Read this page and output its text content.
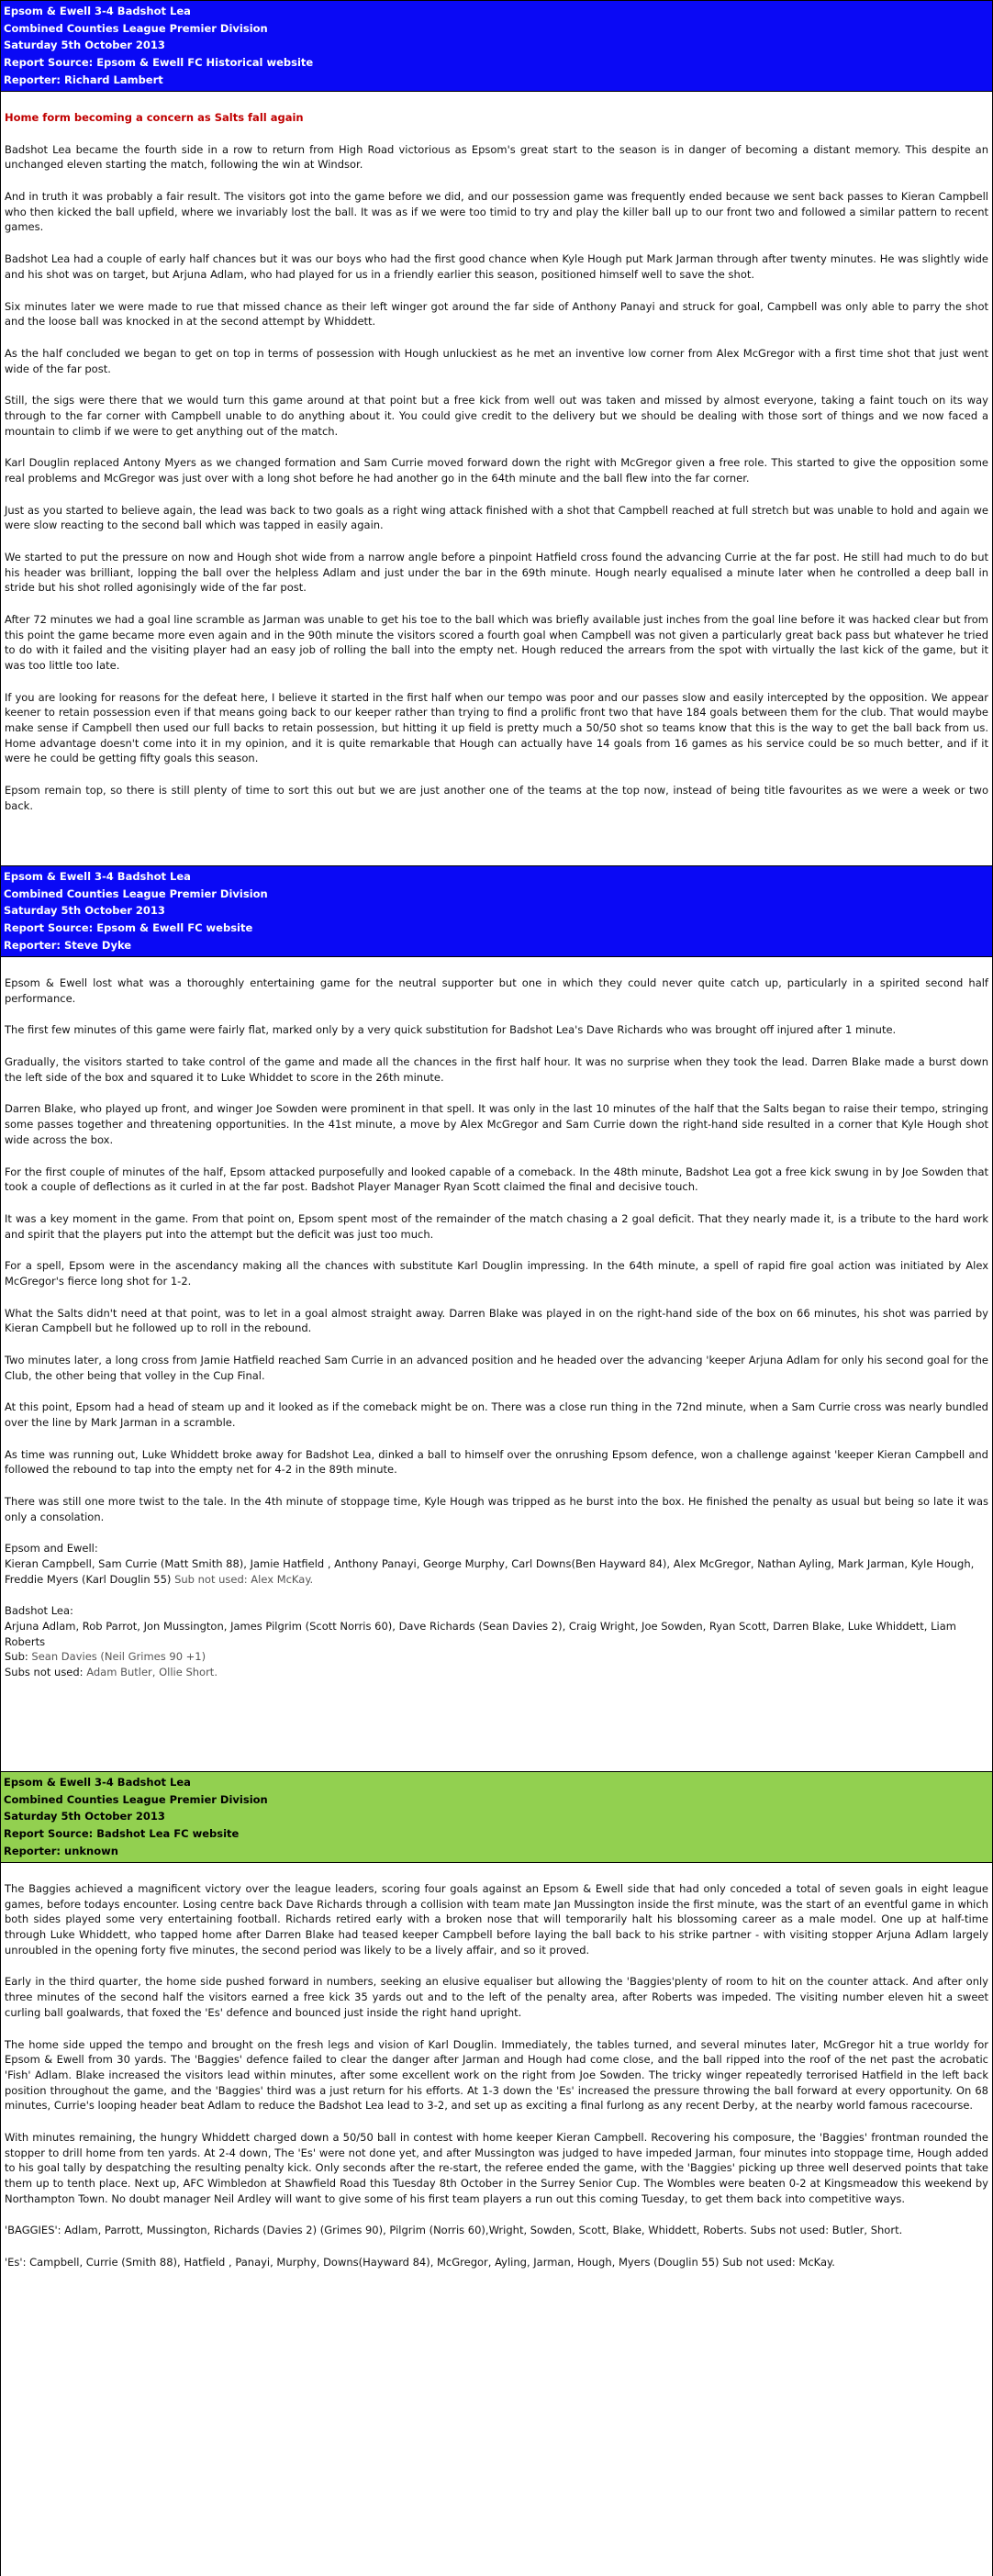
Epsom & Ewell 3-4 Badshot Lea
Combined Counties League Premier Division
Saturday 5th October 2013
Report Source: Epsom & Ewell FC Historical website
Reporter: Richard Lambert

Home form becoming a concern as Salts fall again

Badshot Lea became the fourth side in a row to return from High Road victorious as Epsom's great start to the season is in danger of becoming a distant memory. This despite an unchanged eleven starting the match, following the win at Windsor.

And in truth it was probably a fair result. The visitors got into the game before we did, and our possession game was frequently ended because we sent back passes to Kieran Campbell who then kicked the ball upfield, where we invariably lost the ball. It was as if we were too timid to try and play the killer ball up to our front two and followed a similar pattern to recent games.

Badshot Lea had a couple of early half chances but it was our boys who had the first good chance when Kyle Hough put Mark Jarman through after twenty minutes. He was slightly wide and his shot was on target, but Arjuna Adlam, who had played for us in a friendly earlier this season, positioned himself well to save the shot.

Six minutes later we were made to rue that missed chance as their left winger got around the far side of Anthony Panayi and struck for goal, Campbell was only able to parry the shot and the loose ball was knocked in at the second attempt by Whiddett.

As the half concluded we began to get on top in terms of possession with Hough unluckiest as he met an inventive low corner from Alex McGregor with a first time shot that just went wide of the far post.

Still, the sigs were there that we would turn this game around at that point but a free kick from well out was taken and missed by almost everyone, taking a faint touch on its way through to the far corner with Campbell unable to do anything about it. You could give credit to the delivery but we should be dealing with those sort of things and we now faced a mountain to climb if we were to get anything out of the match.

Karl Douglin replaced Antony Myers as we changed formation and Sam Currie moved forward down the right with McGregor given a free role. This started to give the opposition some real problems and McGregor was just over with a long shot before he had another go in the 64th minute and the ball flew into the far corner.

Just as you started to believe again, the lead was back to two goals as a right wing attack finished with a shot that Campbell reached at full stretch but was unable to hold and again we were slow reacting to the second ball which was tapped in easily again.

We started to put the pressure on now and Hough shot wide from a narrow angle before a pinpoint Hatfield cross found the advancing Currie at the far post. He still had much to do but his header was brilliant, lopping the ball over the helpless Adlam and just under the bar in the 69th minute. Hough nearly equalised a minute later when he controlled a deep ball in stride but his shot rolled agonisingly wide of the far post.

After 72 minutes we had a goal line scramble as Jarman was unable to get his toe to the ball which was briefly available just inches from the goal line before it was hacked clear but from this point the game became more even again and in the 90th minute the visitors scored a fourth goal when Campbell was not given a particularly great back pass but whatever he tried to do with it failed and the visiting player had an easy job of rolling the ball into the empty net. Hough reduced the arrears from the spot with virtually the last kick of the game, but it was too little too late.

If you are looking for reasons for the defeat here, I believe it started in the first half when our tempo was poor and our passes slow and easily intercepted by the opposition. We appear keener to retain possession even if that means going back to our keeper rather than trying to find a prolific front two that have 184 goals between them for the club. That would maybe make sense if Campbell then used our full backs to retain possession, but hitting it up field is pretty much a 50/50 shot so teams know that this is the way to get the ball back from us. Home advantage doesn't come into it in my opinion, and it is quite remarkable that Hough can actually have 14 goals from 16 games as his service could be so much better, and if it were he could be getting fifty goals this season.

Epsom remain top, so there is still plenty of time to sort this out but we are just another one of the teams at the top now, instead of being title favourites as we were a week or two back.

Epsom & Ewell 3-4 Badshot Lea
Combined Counties League Premier Division
Saturday 5th October 2013
Report Source: Epsom & Ewell FC website
Reporter: Steve Dyke

Epsom & Ewell lost what was a thoroughly entertaining game for the neutral supporter but one in which they could never quite catch up, particularly in a spirited second half performance.

The first few minutes of this game were fairly flat, marked only by a very quick substitution for Badshot Lea's Dave Richards who was brought off injured after 1 minute.

Gradually, the visitors started to take control of the game and made all the chances in the first half hour. It was no surprise when they took the lead. Darren Blake made a burst down the left side of the box and squared it to Luke Whiddet to score in the 26th minute.

Darren Blake, who played up front, and winger Joe Sowden were prominent in that spell. It was only in the last 10 minutes of the half that the Salts began to raise their tempo, stringing some passes together and threatening opportunities. In the 41st minute, a move by Alex McGregor and Sam Currie down the right-hand side resulted in a corner that Kyle Hough shot wide across the box.

For the first couple of minutes of the half, Epsom attacked purposefully and looked capable of a comeback. In the 48th minute, Badshot Lea got a free kick swung in by Joe Sowden that took a couple of deflections as it curled in at the far post. Badshot Player Manager Ryan Scott claimed the final and decisive touch.

It was a key moment in the game. From that point on, Epsom spent most of the remainder of the match chasing a 2 goal deficit. That they nearly made it, is a tribute to the hard work and spirit that the players put into the attempt but the deficit was just too much.

For a spell, Epsom were in the ascendancy making all the chances with substitute Karl Douglin impressing. In the 64th minute, a spell of rapid fire goal action was initiated by Alex McGregor's fierce long shot for 1-2.

What the Salts didn't need at that point, was to let in a goal almost straight away. Darren Blake was played in on the right-hand side of the box on 66 minutes, his shot was parried by Kieran Campbell but he followed up to roll in the rebound.

Two minutes later, a long cross from Jamie Hatfield reached Sam Currie in an advanced position and he headed over the advancing 'keeper Arjuna Adlam for only his second goal for the Club, the other being that volley in the Cup Final.

At this point, Epsom had a head of steam up and it looked as if the comeback might be on. There was a close run thing in the 72nd minute, when a Sam Currie cross was nearly bundled over the line by Mark Jarman in a scramble.

As time was running out, Luke Whiddett broke away for Badshot Lea, dinked a ball to himself over the onrushing Epsom defence, won a challenge against 'keeper Kieran Campbell and followed the rebound to tap into the empty net for 4-2 in the 89th minute.

There was still one more twist to the tale. In the 4th minute of stoppage time, Kyle Hough was tripped as he burst into the box. He finished the penalty as usual but being so late it was only a consolation.

Epsom and Ewell:
Kieran Campbell, Sam Currie (Matt Smith 88), Jamie Hatfield , Anthony Panayi, George Murphy, Carl Downs(Ben Hayward 84), Alex McGregor, Nathan Ayling, Mark Jarman, Kyle Hough, Freddie Myers (Karl Douglin 55) Sub not used: Alex McKay.
Badshot Lea:
Arjuna Adlam, Rob Parrot, Jon Mussington, James Pilgrim (Scott Norris 60), Dave Richards (Sean Davies 2), Craig Wright, Joe Sowden, Ryan Scott, Darren Blake, Luke Whiddett, Liam Roberts
Sub: Sean Davies (Neil Grimes 90 +1)
Subs not used: Adam Butler, Ollie Short.
Epsom & Ewell 3-4 Badshot Lea
Combined Counties League Premier Division
Saturday 5th October 2013
Report Source: Badshot Lea FC website
Reporter: unknown

The Baggies achieved a magnificent victory over the league leaders, scoring four goals against an Epsom & Ewell side that had only conceded a total of seven goals in eight league games, before todays encounter. Losing centre back Dave Richards through a collision with team mate Jan Mussington inside the first minute, was the start of an eventful game in which both sides played some very entertaining football. Richards retired early with a broken nose that will temporarily halt his blossoming career as a male model. One up at half-time through Luke Whiddett, who tapped home after Darren Blake had teased keeper Campbell before laying the ball back to his strike partner - with visiting stopper Arjuna Adlam largely unroubled in the opening forty five minutes, the second period was likely to be a lively affair, and so it proved.

Early in the third quarter, the home side pushed forward in numbers, seeking an elusive equaliser but allowing the 'Baggies'plenty of room to hit on the counter attack. And after only three minutes of the second half the visitors earned a free kick 35 yards out and to the left of the penalty area, after Roberts was impeded. The visiting number eleven hit a sweet curling ball goalwards, that foxed the 'Es' defence and bounced just inside the right hand upright.

The home side upped the tempo and brought on the fresh legs and vision of Karl Douglin. Immediately, the tables turned, and several minutes later, McGregor hit a true worldy for Epsom & Ewell from 30 yards. The 'Baggies' defence failed to clear the danger after Jarman and Hough had come close, and the ball ripped into the roof of the net past the acrobatic 'Fish' Adlam. Blake increased the visitors lead within minutes, after some excellent work on the right from Joe Sowden. The tricky winger repeatedly terrorised Hatfield in the left back position throughout the game, and the 'Baggies' third was a just return for his efforts. At 1-3 down the 'Es' increased the pressure throwing the ball forward at every opportunity. On 68 minutes, Currie's looping header beat Adlam to reduce the Badshot Lea lead to 3-2, and set up as exciting a final furlong as any recent Derby, at the nearby world famous racecourse.

With minutes remaining, the hungry Whiddett charged down a 50/50 ball in contest with home keeper Kieran Campbell. Recovering his composure, the 'Baggies' frontman rounded the stopper to drill home from ten yards. At 2-4 down, The 'Es' were not done yet, and after Mussington was judged to have impeded Jarman, four minutes into stoppage time, Hough added to his goal tally by despatching the resulting penalty kick. Only seconds after the re-start, the referee ended the game, with the 'Baggies' picking up three well deserved points that take them up to tenth place. Next up, AFC Wimbledon at Shawfield Road this Tuesday 8th October in the Surrey Senior Cup. The Wombles were beaten 0-2 at Kingsmeadow this weekend by Northampton Town. No doubt manager Neil Ardley will want to give some of his first team players a run out this coming Tuesday, to get them back into competitive ways.

'BAGGIES': Adlam, Parrott, Mussington, Richards (Davies 2) (Grimes 90), Pilgrim (Norris 60),Wright, Sowden, Scott, Blake, Whiddett, Roberts. Subs not used: Butler, Short.

'Es': Campbell, Currie (Smith 88), Hatfield , Panayi, Murphy, Downs(Hayward 84), McGregor, Ayling, Jarman, Hough, Myers (Douglin 55) Sub not used: McKay.
